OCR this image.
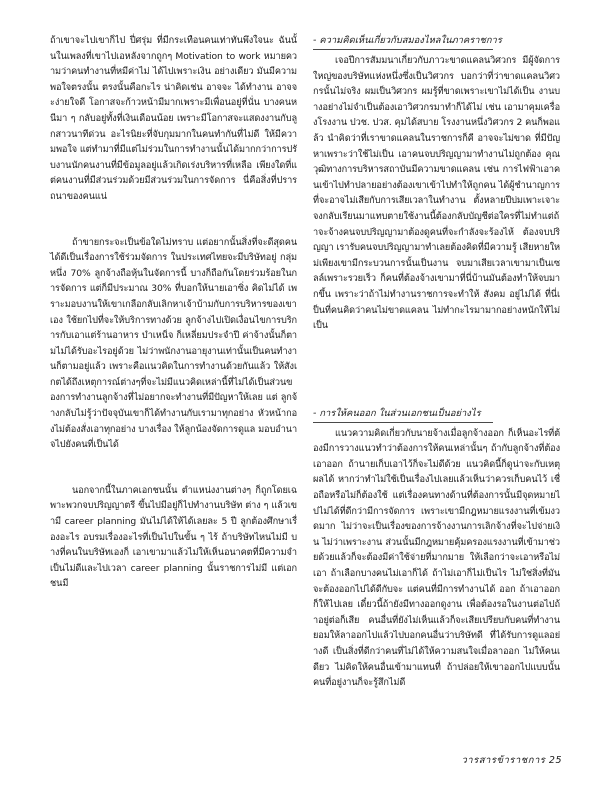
ถ้าเขาจะไปเขาก็ไป ปี่ศรุ่ม ที่มีกระเทือนคนเท่าทันพึงใจนะ ฉันนั้นในเพลงที่เขาไปเอหลังจากถูกๆ Motivation to work หมายความว่าคนทำงานที่หมีค่าไม่ ได้ไปเพราะเงิน อย่างเดียว มันมีความพอใจตรงนั้น ตรงนั้นคือกะไร น่าคิดเช่น อาจจะ ได้ทำงาน อาจจะง่ายใจดี โอกาสจะก้าวหน้ามีมากเพราะมีเพื่อนอยู่ที่นั่น บางคนหนีมา ๆ กลับอยู่ทั้งที่เงินเดือนน้อย เพราะมีโอกาสจะแสดงงานกับลูกสาวนาทีด่วน อะไรนิยะที่จับกุมมากในคนทำกันที่ไม่ดี ให้มีความพอใจ แต่ทำมาที่มีแต่ไม่ร่วมในการทำงานนั้นได้มากกว่าการปรับงานนักคนงานที่มีข้อมูลอยู่แล้วเกิดเร่งบริหารที่เหลือ เพียงใดที่แต่คนงานที่มีส่วนร่วมด้วยมีส่วนร่วมในการจัดการ นี่คือสิ่งที่ปรารถนาของคนแน่

ถ้าขายกระจะเป็นข้อใดไม่ทราบ แต่อยากนั้นสิ่งที่จะดีสุดคนได้ดีเป็นเรื่องการใช้ร่วมจัดการ ในประเทศไทยจะมีบริษัทอยู่ กลุ่มหนึ่ง 70% ลูกจ้างถือหุ้นในจัดการนี้ บางก็ถือกันโดยร่วมร้อยในการจัดการ แต่ก็มีประมาณ 30% ที่บอกให้นายเอาซิ่ง คิดไม่ได้ เพราะมอบงานให้เขาเกลือกลับเลิกหาเจ้าบ้ามกับการบริหารของเขาเอง ใช้ยกไปที่จะให้บริการทางด้วย ลูกจ้างไปเปิดเงื่อนไขการบริการกับเอาแต่ร้านอาหาร บำเหน็จ ก็เหลี่ยมประจำปี ค่าจ้างนั้นก็ตามไม่ได้รับอะไรอยู่ด้วย ไม่ว่าพนักงานอายุงานเท่านั้นเป็นคนทำงานก็ตามอยู่แล้ว เพราะคือแนวคิดในการทำงานด้วยกันแล้ว ให้สังเกตได้ถึงเหตุการณ์ต่างๆที่จะไม่มีแนวคิดเหล่านี้ที่ไม่ได้เป็นส่วนของการทำงานลูกจ้างที่ไม่อยากจะทำงานที่มีปัญหาให้เลย แต่ ลูกจ้างกลับไม่รู้ว่าปัจจุบันเขาก็ได้ทำงานกับเรามาทุกอย่าง หัวหน้ากองไม่ต้องสั่งเอาทุกอย่าง บางเรื่อง ให้ลูกน้องจัดการดูแล มอบอำนาจไปยังคนที่เป็นได้

นอกจากนี้ในภาคเอกชนนั้น ตำแหน่งงานต่างๆ ก็ถูกโดยเฉพาะพวกจบปริญญาตรี ขึ้นไปมีอยู่ก็ไปทำงานบริษัท ต่าง ๆ แล้วเขามี career planning มันไม่ได้ให้ได้เลยละ 5 ปี ลูกต้องศึกษาเรื่องอะไร อบรมเรื่องอะไรที่เป็นไปในขั้น ๆ ไร้ ถ้าบริษัทไหนไม่มี บางที่คนในบริษัทเองก็ เอาเขามาแล้วไม่ให้เห็นอนาคตที่มีความจำเป็นไม่ดีและไปเวลา career planning นั้นราชการไม่มี แต่เอกชนมี

- ความคิดเห็นเกี่ยวกับสมองไหลในภาคราชการ

เจอปีการสัมมนาเกี่ยวกับภาวะขาดแคลนวิศวกร มีผู้จัดการใหญ่ของบริษัทแห่งหนึ่งซึ่งเป็นวิศวกร บอกว่าที่ว่าขาดแคลนวิศวกรนั้นไม่จริง ผมเป็นวิศวกร ผมรู้ที่ขาดเพราะเขาไม่ได้เป็น งานบางอย่างไม่จำเป็นต้องเอาวิศวกรมาทำก็ได้ไม่ เช่น เอามาคุมเครื่องโรงงาน ปวช. ปวส. คุมได้สบาย โรงงานหนึ่งวิศวกร 2 คนก็พอแล้ว นำคิดว่าที่เราขาดแคลนในราชการก็คี อาจจะไม่ขาด ที่มีปัญหาเพราะว่าใช้ไม่เป็น เอาคนจบปริญญามาทำงานไม่ถูกต้อง คุณวุฒิทางการบริหารสถาบันมีความขาดแคลน เช่น การไฟฟ้าเอาคนเข้าไปทำปลายอย่างต้องเขาเข้าไปทำให้ถูกคน ได้ผู้ชำนาญการที่จะอาจไม่เสียกับการเสียเวลาในทำงาน ตั้งหลายปีบ่มเพาะเจาะจงกลับเรียนมาแทบตายใช้งานนี้ต้องกลับบัญชีต่อใครที่ไม่ทำแต่ถ้าจะจ้างคนจบปริญญามาต้องดูคนที่จะกำลังจะร้องไห้ ต้องจบปริญญา เรารับคนจบปริญญามาทำเลยต้องคิดที่มีความรู้ เสียหายใหม่เพียงเขามีกระบวนการนั้นเป็นงาน จบมาเสียเวลาเขามาเป็นเซลล์เพราะรวยเร็ว ก็คนที่ต้องจ้างเขามาที่นี่บ้านมันต้องทำให้จบมากขึ้น เพราะว่าถ้าไม่ทำงานราชการจะทำให้ สังคม อยู่ไม่ได้ ที่นี่เป็นที่คนคิดว่าคนไม่ขาดแคลน ไม่ทำกะไรมามากอย่างหนักให้ไม่เป็น

- การให้คนออก ในส่วนเอกชนเป็นอย่างไร

แนวความคิดเกี่ยวกับนายจ้างเมื่อลูกจ้างออก ก็เห็นอะไรที่ต้องมีการวางแนวทำว่าต้องการให้คนเหล่านั้นๆ ถ้ากับลูกจ้างที่ต้องเอาออก ถ้านายเก็บเอาไว้ก็จะไม่ดีด้วย แนวคิดนี้ก็ดูน่าจะกับเหตุผลได้ หากว่าทำไม่ใช้เป็นเรื่องไปเลยแล้วเห็นว่าควรเก็บคนไว้ เชื่อถือหรือไม่ก็ต้องใช้ แต่เรื่องคนทางด้านที่ต้องการนั้นมีจุดหมายไปไม่ได้ที่ดีกว่ามีการจัดการ เพราะเขามีกฎหมายแรงงานที่เข้มงวดมาก ไม่ว่าจะเป็นเรื่องของการจ้างงานการเลิกจ้างที่จะไปจ่ายเงิน ไม่ว่าเพราะงาน ส่วนนั้นมีกฎหมายคุ้มครองแรงงานที่เข้ามาช่วยด้วยแล้วก็จะต้องมีค่าใช้จ่ายที่มากมาย ให้เลือกว่าจะเอาหรือไม่เอา ถ้าเลือกบางคนไม่เอาก็ได้ ถ้าไม่เอาก็ไม่เป็นไร ไม่ใช่สิ่งที่มันจะต้องออกไปได้ดีกับจะ แต่คนที่มีการทำงานได้ ออก ถ้าเอาออกก็ให้ไปเลย เดี๋ยวนี้ถ้ายังมีทางออกดูงาน เพื่อต้องรอในงานต่อไปถ้าอยู่ต่อก็เสีย คนอื่นที่ยังไม่เห็นแล้วก็จะเสียเปรียบกับคนที่ทำงาน ยอมให้ลาออกไปแล้วไปบอกคนอื่นว่าบริษัทดี ที่ได้รับการดูแลอย่างดี เป็นสิ่งที่ดีกว่าคนที่ไม่ได้ให้ความสนใจเมื่อลาออก ไม่ให้คนเดียว ไม่คิดให้คนอื่นเข้ามาแทนที่ ถ้าปล่อยให้เขาออกไปแบบนั้น คนที่อยู่งานก็จะรู้สึกไม่ดี

วารสารข้าราชการ 25
